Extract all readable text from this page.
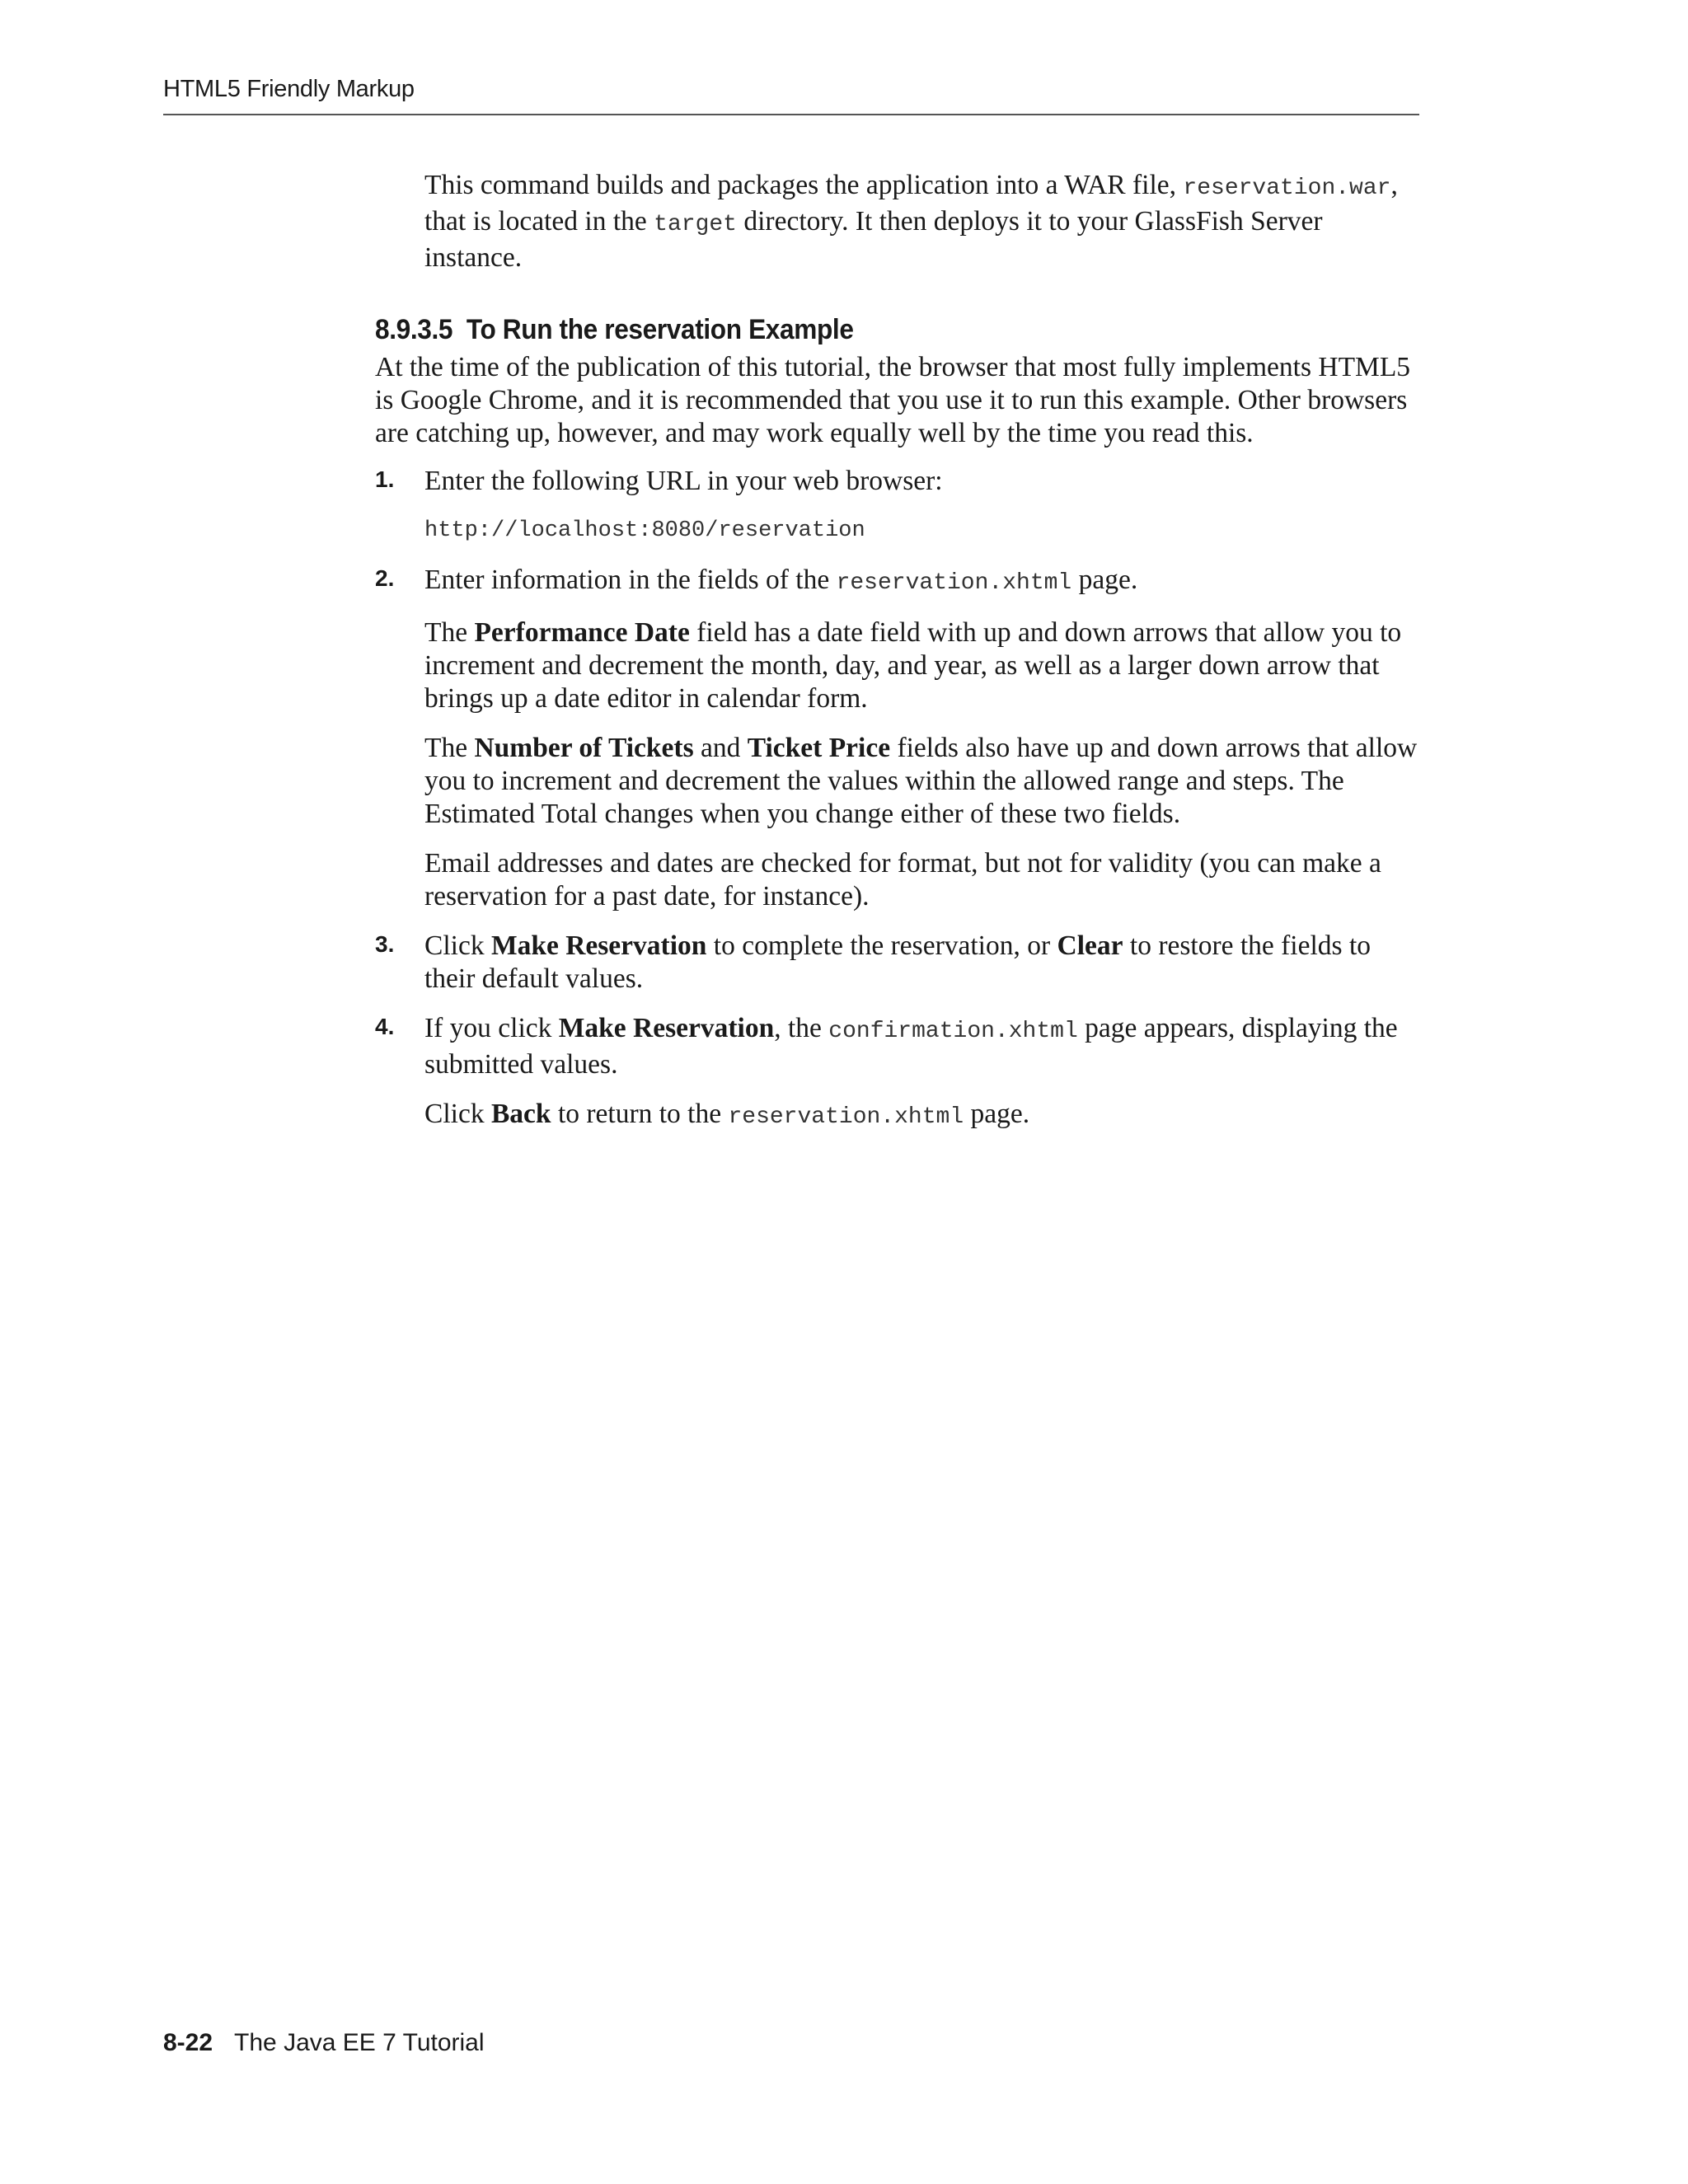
HTML5 Friendly Markup

This command builds and packages the application into a WAR file, reservation.war, that is located in the target directory. It then deploys it to your GlassFish Server instance.

8.9.3.5 To Run the reservation Example

At the time of the publication of this tutorial, the browser that most fully implements HTML5 is Google Chrome, and it is recommended that you use it to run this example. Other browsers are catching up, however, and may work equally well by the time you read this.

1. Enter the following URL in your web browser:

http://localhost:8080/reservation

2. Enter information in the fields of the reservation.xhtml page.

The Performance Date field has a date field with up and down arrows that allow you to increment and decrement the month, day, and year, as well as a larger down arrow that brings up a date editor in calendar form.

The Number of Tickets and Ticket Price fields also have up and down arrows that allow you to increment and decrement the values within the allowed range and steps. The Estimated Total changes when you change either of these two fields.

Email addresses and dates are checked for format, but not for validity (you can make a reservation for a past date, for instance).

3. Click Make Reservation to complete the reservation, or Clear to restore the fields to their default values.

4. If you click Make Reservation, the confirmation.xhtml page appears, displaying the submitted values.

Click Back to return to the reservation.xhtml page.

8-22 The Java EE 7 Tutorial
